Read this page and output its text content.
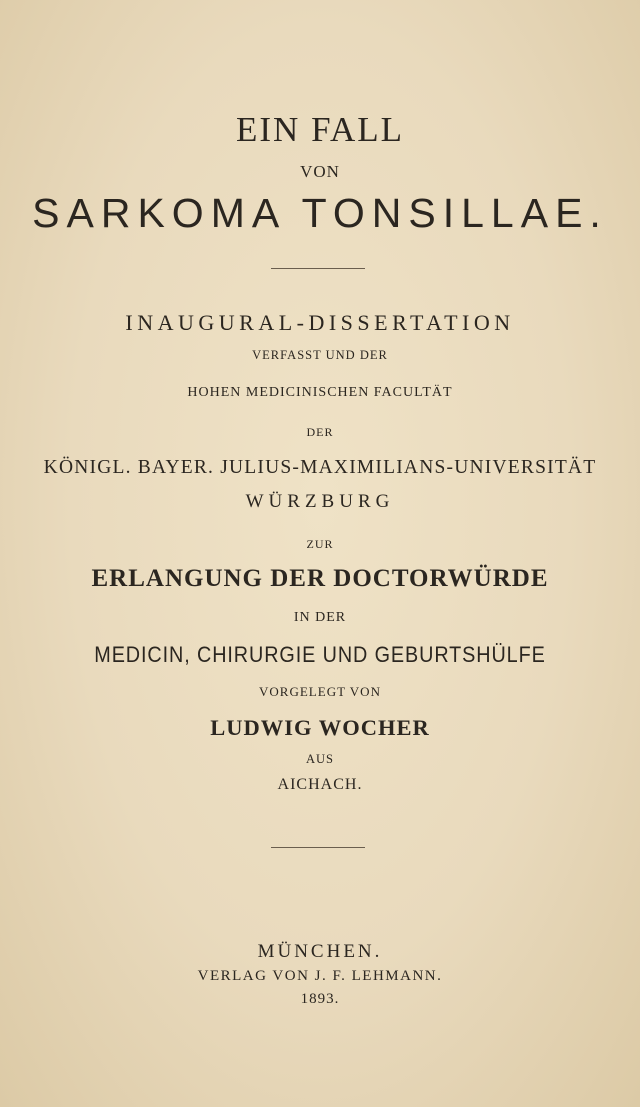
EIN FALL
VON
SARKOMA TONSILLAE.
INAUGURAL-DISSERTATION
VERFASST UND DER
HOHEN MEDICINISCHEN FACULTÄT
DER
KÖNIGL. BAYER. JULIUS-MAXIMILIANS-UNIVERSITÄT
WÜRZBURG
ZUR
ERLANGUNG DER DOCTORWÜRDE
IN DER
MEDICIN, CHIRURGIE UND GEBURTSHÜLFE
VORGELEGT VON
LUDWIG WOCHER
AUS
AICHACH.
MÜNCHEN.
VERLAG VON J. F. LEHMANN.
1893.
